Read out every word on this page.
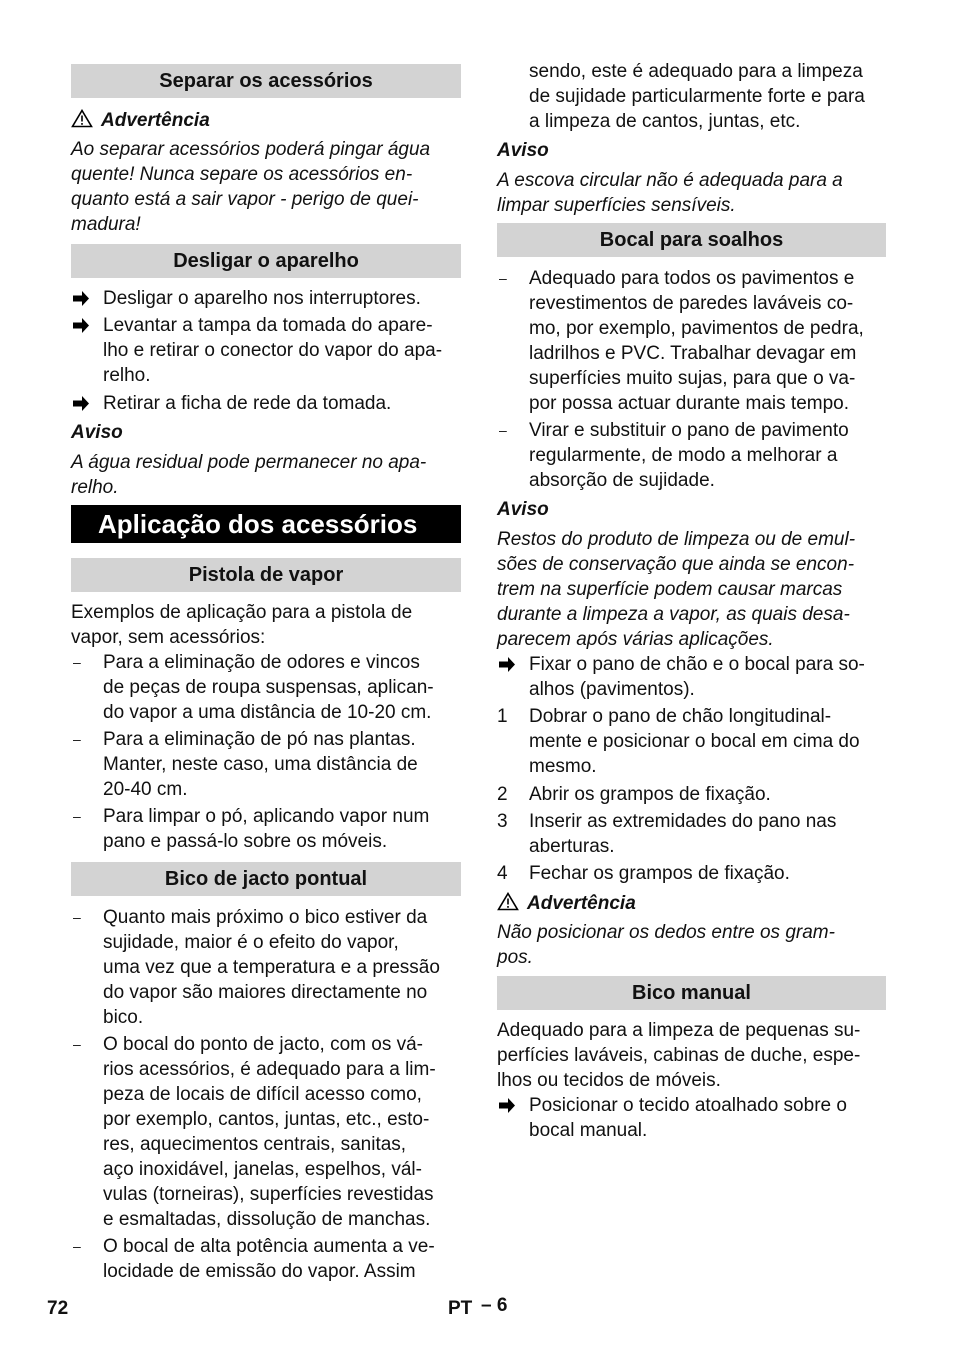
Separar os acessórios
Advertência
Ao separar acessórios poderá pingar água
quente! Nunca separe os acessórios en-
quanto está a sair vapor - perigo de quei-
madura!
Desligar o aparelho
Desligar o aparelho nos interruptores.
Levantar a tampa da tomada do apare-
lho e retirar o conector do vapor do apa-
relho.
Retirar a ficha de rede da tomada.
Aviso
A água residual pode permanecer no apa-
relho.
Aplicação dos acessórios
Pistola de vapor
Exemplos de aplicação para a pistola de
vapor, sem acessórios:
–	Para a eliminação de odores e vincos
de peças de roupa suspensas, aplican-
do vapor a uma distância de 10-20 cm.
–	Para a eliminação de pó nas plantas.
Manter, neste caso, uma distância de
20-40 cm.
–	Para limpar o pó, aplicando vapor num
pano e passá-lo sobre os móveis.
Bico de jacto pontual
–	Quanto mais próximo o bico estiver da
sujidade, maior é o efeito do vapor,
uma vez que a temperatura e a pressão
do vapor são maiores directamente no
bico.
–	O bocal do ponto de jacto, com os vá-
rios acessórios, é adequado para a lim-
peza de locais de difícil acesso como,
por exemplo, cantos, juntas, etc., esto-
res, aquecimentos centrais, sanitas,
aço inoxidável, janelas, espelhos, vál-
vulas (torneiras), superfícies revestidas
e esmaltadas, dissolução de manchas.
–	O bocal de alta potência aumenta a ve-
locidade de emissão do vapor. Assim
sendo, este é adequado para a limpeza
de sujidade particularmente forte e para
a limpeza de cantos, juntas, etc.
Aviso
A escova circular não é adequada para a
limpar superfícies sensíveis.
Bocal para soalhos
–	Adequado para todos os pavimentos e
revestimentos de paredes laváveis co-
mo, por exemplo, pavimentos de pedra,
ladrilhos e PVC. Trabalhar devagar em
superfícies muito sujas, para que o va-
por possa actuar durante mais tempo.
–	Virar e substituir o pano de pavimento
regularmente, de modo a melhorar a
absorção de sujidade.
Aviso
Restos do produto de limpeza ou de emul-
sões de conservação que ainda se encon-
trem na superfície podem causar marcas
durante a limpeza a vapor, as quais desa-
parecem após várias aplicações.
Fixar o pano de chão e o bocal para so-
alhos (pavimentos).
1	Dobrar o pano de chão longitudinal-
mente e posicionar o bocal em cima do
mesmo.
2	Abrir os grampos de fixação.
3	Inserir as extremidades do pano nas
aberturas.
4	Fechar os grampos de fixação.
Advertência
Não posicionar os dedos entre os gram-
pos.
Bico manual
Adequado para a limpeza de pequenas su-
perfícies laváveis, cabinas de duche, espe-
lhos ou tecidos de móveis.
Posicionar o tecido atoalhado sobre o
bocal manual.
72	PT – 6
